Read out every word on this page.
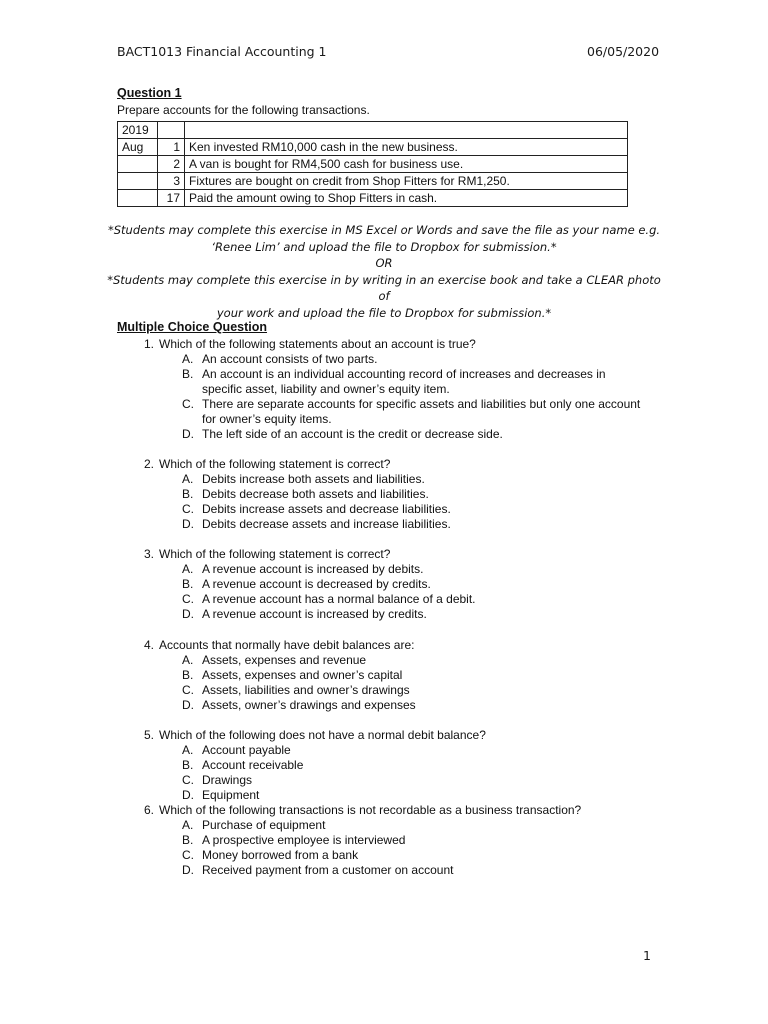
BACT1013 Financial Accounting 1	06/05/2020
Question 1
Prepare accounts for the following transactions.
2019		
Aug	1	Ken invested RM10,000 cash in the new business.
	2	A van is bought for RM4,500 cash for business use.
	3	Fixtures are bought on credit from Shop Fitters for RM1,250.
	17	Paid the amount owing to Shop Fitters in cash.
*Students may complete this exercise in MS Excel or Words and save the file as your name e.g.
‘Renee Lim’ and upload the file to Dropbox for submission.*
OR
*Students may complete this exercise in by writing in an exercise book and take a CLEAR photo of
your work and upload the file to Dropbox for submission.*
Multiple Choice Question
1. Which of the following statements about an account is true?
A. An account consists of two parts.
B. An account is an individual accounting record of increases and decreases in specific asset, liability and owner’s equity item.
C. There are separate accounts for specific assets and liabilities but only one account for owner’s equity items.
D. The left side of an account is the credit or decrease side.
2. Which of the following statement is correct?
A. Debits increase both assets and liabilities.
B. Debits decrease both assets and liabilities.
C. Debits increase assets and decrease liabilities.
D. Debits decrease assets and increase liabilities.
3. Which of the following statement is correct?
A. A revenue account is increased by debits.
B. A revenue account is decreased by credits.
C. A revenue account has a normal balance of a debit.
D. A revenue account is increased by credits.
4. Accounts that normally have debit balances are:
A. Assets, expenses and revenue
B. Assets, expenses and owner’s capital
C. Assets, liabilities and owner’s drawings
D. Assets, owner’s drawings and expenses
5. Which of the following does not have a normal debit balance?
A. Account payable
B. Account receivable
C. Drawings
D. Equipment
6. Which of the following transactions is not recordable as a business transaction?
A. Purchase of equipment
B. A prospective employee is interviewed
C. Money borrowed from a bank
D. Received payment from a customer on account
1
